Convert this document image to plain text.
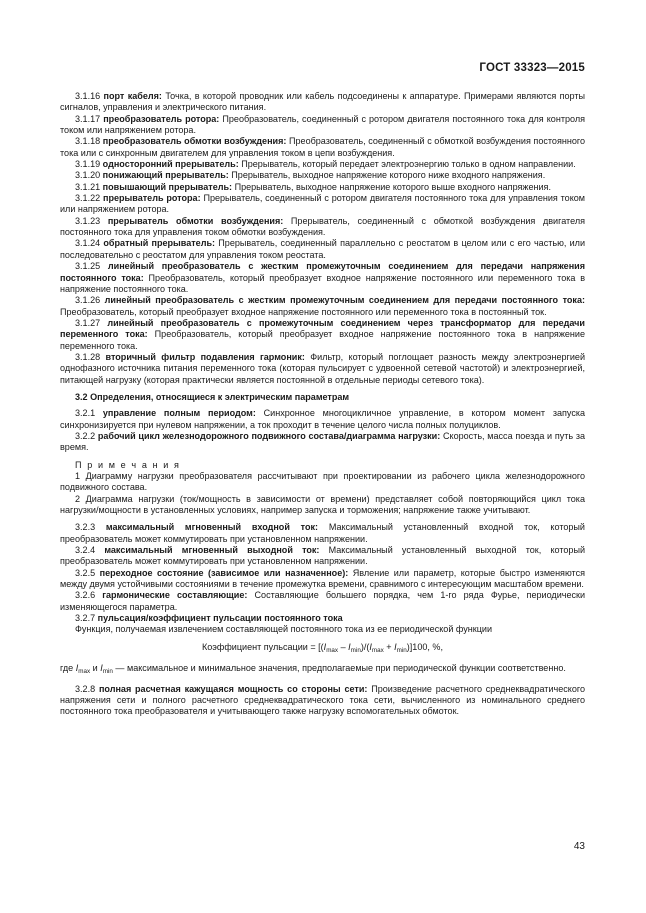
ГОСТ 33323—2015
3.1.16 порт кабеля: Точка, в которой проводник или кабель подсоединены к аппаратуре. Примерами являются порты сигналов, управления и электрического питания.
3.1.17 преобразователь ротора: Преобразователь, соединенный с ротором двигателя постоянного тока для контроля током или напряжением ротора.
3.1.18 преобразователь обмотки возбуждения: Преобразователь, соединенный с обмоткой возбуждения постоянного тока или с синхронным двигателем для управления током в цепи возбуждения.
3.1.19 односторонний прерыватель: Прерыватель, который передает электроэнергию только в одном направлении.
3.1.20 понижающий прерыватель: Прерыватель, выходное напряжение которого ниже входного напряжения.
3.1.21 повышающий прерыватель: Прерыватель, выходное напряжение которого выше входного напряжения.
3.1.22 прерыватель ротора: Прерыватель, соединенный с ротором двигателя постоянного тока для управления током или напряжением ротора.
3.1.23 прерыватель обмотки возбуждения: Прерыватель, соединенный с обмоткой возбуждения двигателя постоянного тока для управления током обмотки возбуждения.
3.1.24 обратный прерыватель: Прерыватель, соединенный параллельно с реостатом в целом или с его частью, или последовательно с реостатом для управления током реостата.
3.1.25 линейный преобразователь с жестким промежуточным соединением для передачи напряжения постоянного тока: Преобразователь, который преобразует входное напряжение постоянного или переменного тока в напряжение постоянного тока.
3.1.26 линейный преобразователь с жестким промежуточным соединением для передачи постоянного тока: Преобразователь, который преобразует входное напряжение постоянного или переменного тока в постоянный ток.
3.1.27 линейный преобразователь с промежуточным соединением через трансформатор для передачи переменного тока: Преобразователь, который преобразует входное напряжение постоянного тока в напряжение переменного тока.
3.1.28 вторичный фильтр подавления гармоник: Фильтр, который поглощает разность между электроэнергией однофазного источника питания переменного тока (которая пульсирует с удвоенной сетевой частотой) и электроэнергией, питающей нагрузку (которая практически является постоянной в отдельные периоды сетевого тока).
3.2 Определения, относящиеся к электрическим параметрам
3.2.1 управление полным периодом: Синхронное многоцикличное управление, в котором момент запуска синхронизируется при нулевом напряжении, а ток проходит в течение целого числа полных полуциклов.
3.2.2 рабочий цикл железнодорожного подвижного состава/диаграмма нагрузки: Скорость, масса поезда и путь за время.
П р и м е ч а н и я
1 Диаграмму нагрузки преобразователя рассчитывают при проектировании из рабочего цикла железнодорожного подвижного состава.
2 Диаграмма нагрузки (ток/мощность в зависимости от времени) представляет собой повторяющийся цикл тока нагрузки/мощности в установленных условиях, например запуска и торможения; напряжение также учитывают.
3.2.3 максимальный мгновенный входной ток: Максимальный установленный входной ток, который преобразователь может коммутировать при установленном напряжении.
3.2.4 максимальный мгновенный выходной ток: Максимальный установленный выходной ток, который преобразователь может коммутировать при установленном напряжении.
3.2.5 переходное состояние (зависимое или назначенное): Явление или параметр, которые быстро изменяются между двумя устойчивыми состояниями в течение промежутка времени, сравнимого с интересующим масштабом времени.
3.2.6 гармонические составляющие: Составляющие большего порядка, чем 1-го ряда Фурье, периодически изменяющегося параметра.
3.2.7 пульсация/коэффициент пульсации постоянного тока
Функция, получаемая извлечением составляющей постоянного тока из ее периодической функции
Коэффициент пульсации = $[(I_{max} - I_{min})/(I_{max} + I_{min})]100$, %,
где $I_{max}$ и $I_{min}$ — максимальное и минимальное значения, предполагаемые при периодической функции соответственно.
3.2.8 полная расчетная кажущаяся мощность со стороны сети: Произведение расчетного среднеквадратического напряжения сети и полного расчетного среднеквадратического тока сети, вычисленного из номинального среднего постоянного тока преобразователя и учитывающего также нагрузку вспомогательных обмоток.
43
